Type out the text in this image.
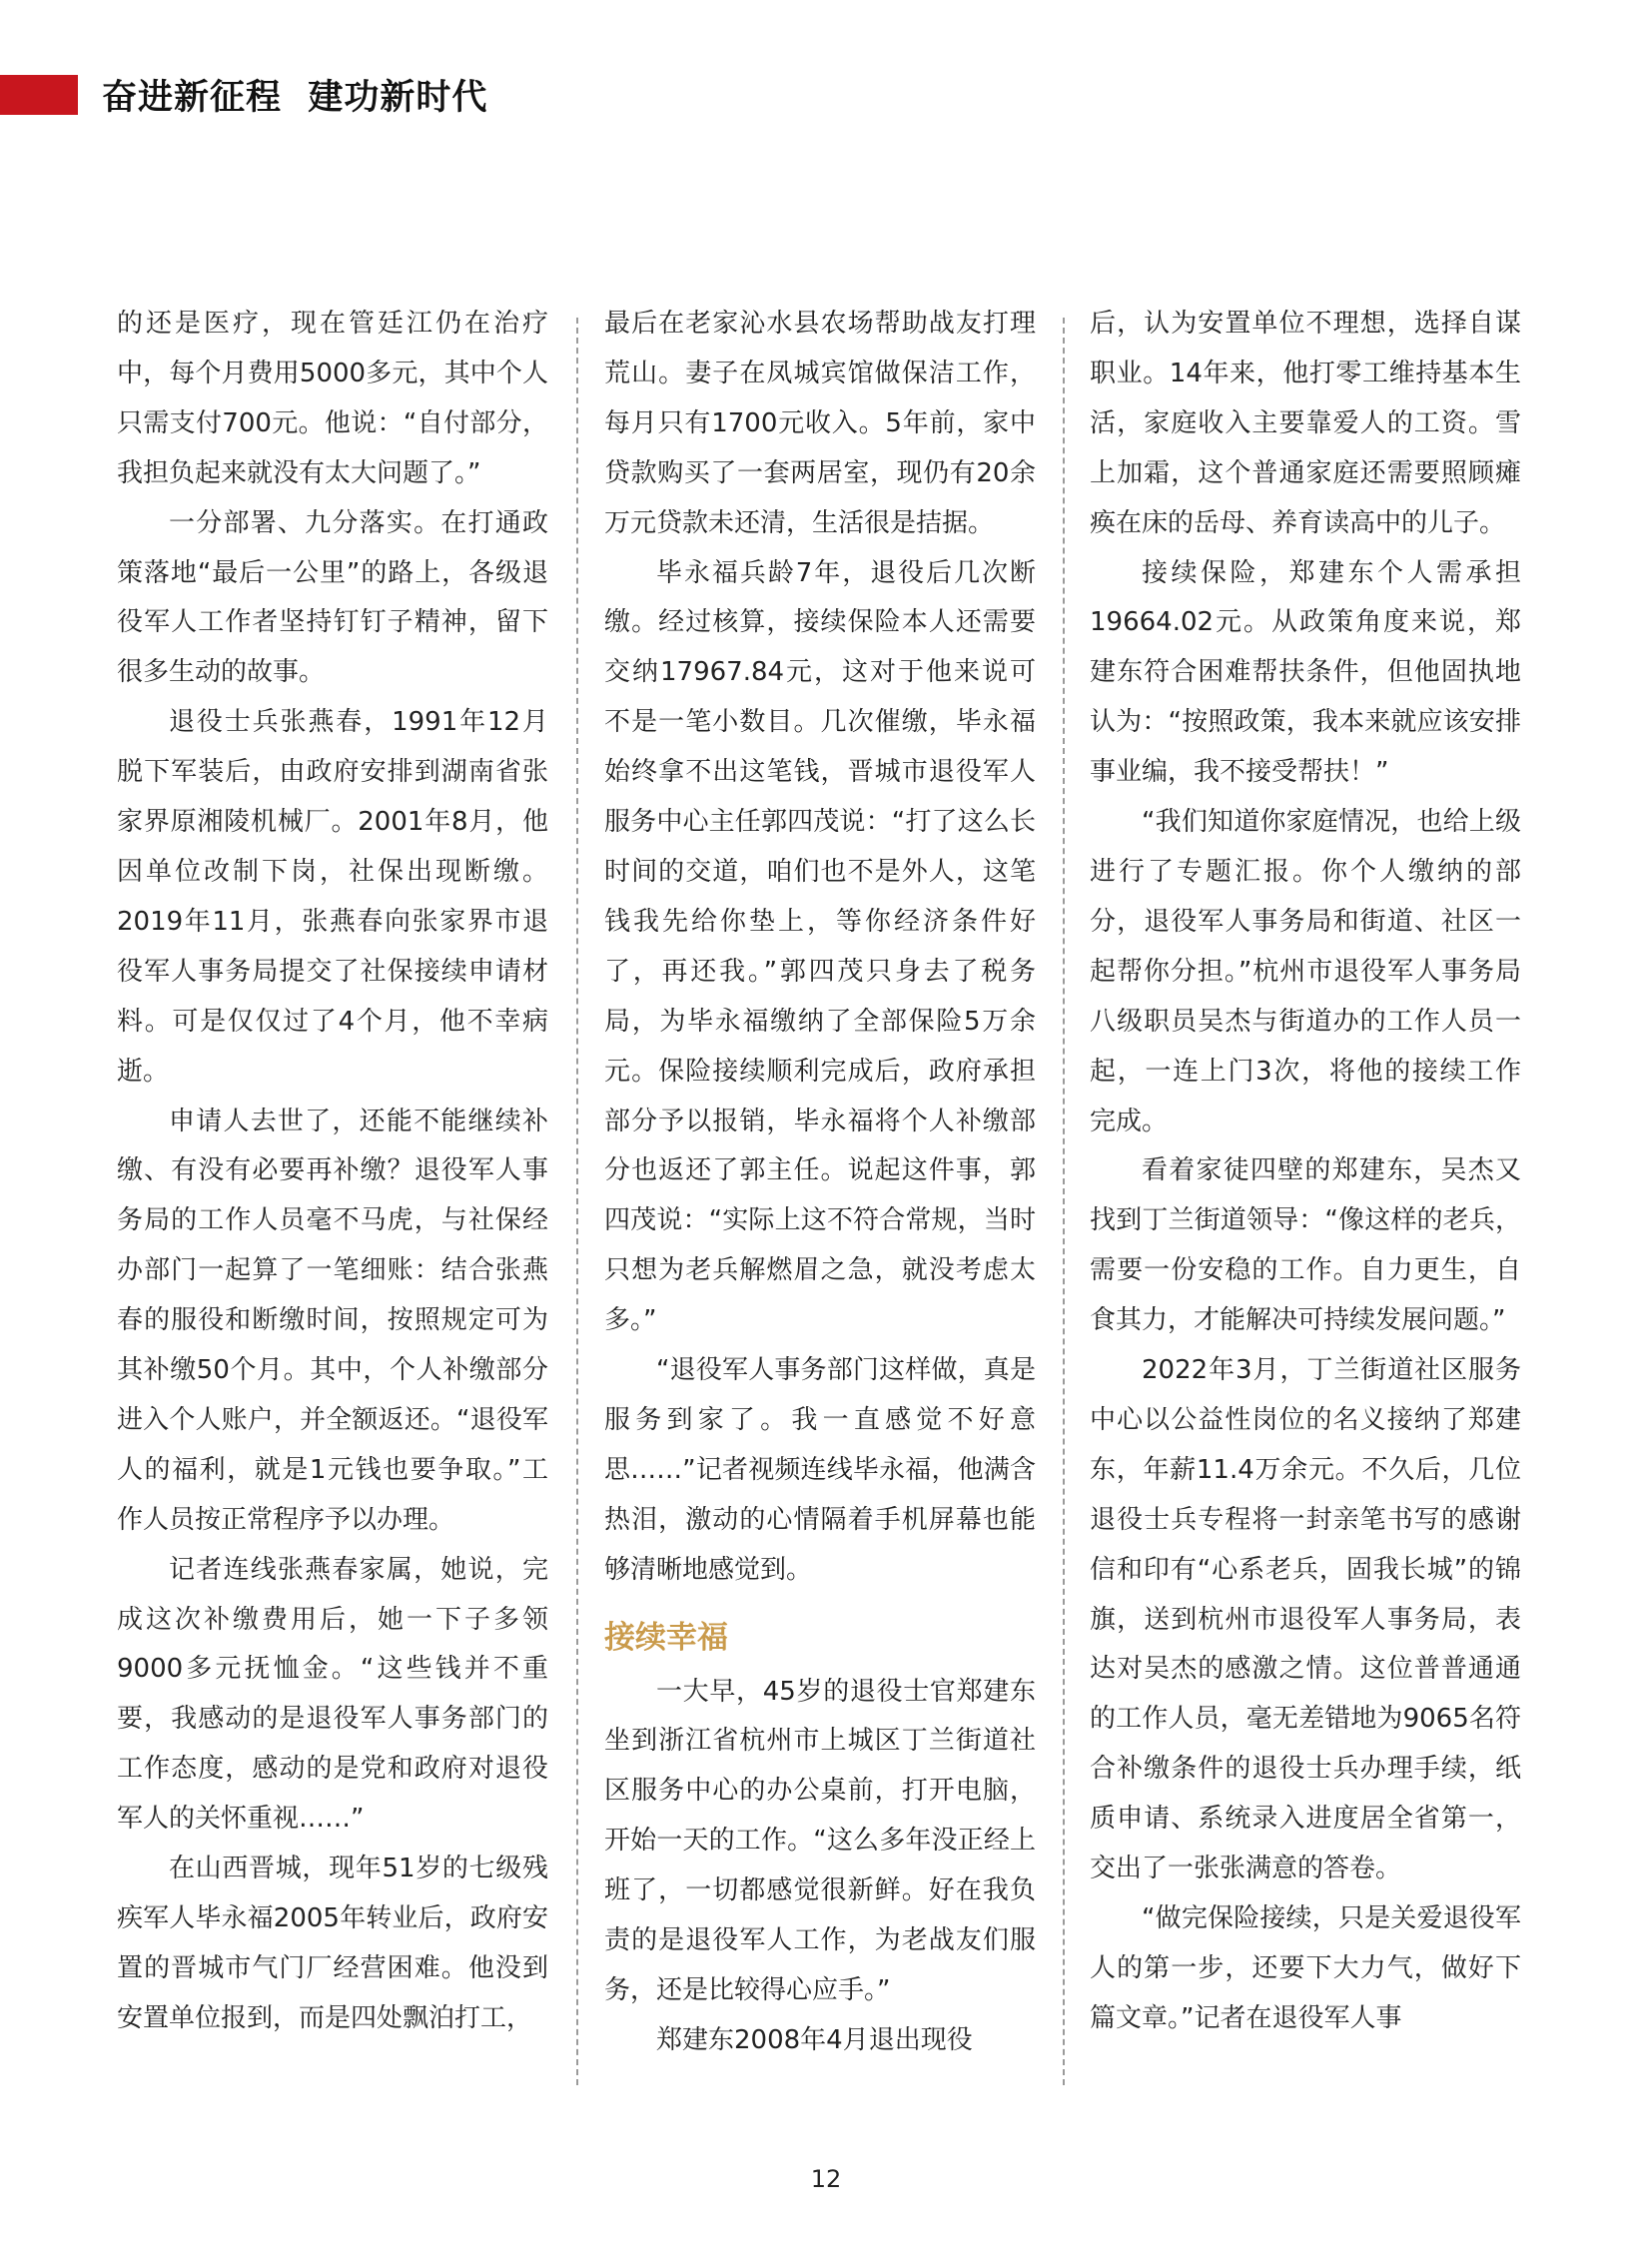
奋进新征程  建功新时代

的还是医疗，现在管廷江仍在治疗中，每个月费用5000多元，其中个人只需支付700元。他说：“自付部分，我担负起来就没有太大问题了。”

一分部署、九分落实。在打通政策落地“最后一公里”的路上，各级退役军人工作者坚持钉钉子精神，留下很多生动的故事。

退役士兵张燕春，1991年12月脱下军装后，由政府安排到湖南省张家界原湘陵机械厂。2001年8月，他因单位改制下岗，社保出现断缴。2019年11月，张燕春向张家界市退役军人事务局提交了社保接续申请材料。可是仅仅过了4个月，他不幸病逝。

申请人去世了，还能不能继续补缴、有没有必要再补缴？退役军人事务局的工作人员毫不马虎，与社保经办部门一起算了一笔细账：结合张燕春的服役和断缴时间，按照规定可为其补缴50个月。其中，个人补缴部分进入个人账户，并全额返还。“退役军人的福利，就是1元钱也要争取。”工作人员按正常程序予以办理。

记者连线张燕春家属，她说，完成这次补缴费用后，她一下子多领9000多元抚恤金。“这些钱并不重要，我感动的是退役军人事务部门的工作态度，感动的是党和政府对退役军人的关怀重视……”

在山西晋城，现年51岁的七级残疾军人毕永福2005年转业后，政府安置的晋城市气门厂经营困难。他没到安置单位报到，而是四处飘泊打工，

最后在老家沁水县农场帮助战友打理荒山。妻子在凤城宾馆做保洁工作，每月只有1700元收入。5年前，家中贷款购买了一套两居室，现仍有20余万元贷款未还清，生活很是拮据。

毕永福兵龄7年，退役后几次断缴。经过核算，接续保险本人还需要交纳17967.84元，这对于他来说可不是一笔小数目。几次催缴，毕永福始终拿不出这笔钱，晋城市退役军人服务中心主任郭四茂说：“打了这么长时间的交道，咱们也不是外人，这笔钱我先给你垫上，等你经济条件好了，再还我。”郭四茂只身去了税务局，为毕永福缴纳了全部保险5万余元。保险接续顺利完成后，政府承担部分予以报销，毕永福将个人补缴部分也返还了郭主任。说起这件事，郭四茂说：“实际上这不符合常规，当时只想为老兵解燃眉之急，就没考虑太多。”

“退役军人事务部门这样做，真是服务到家了。我一直感觉不好意思……”记者视频连线毕永福，他满含热泪，激动的心情隔着手机屏幕也能够清晰地感觉到。

接续幸福

一大早，45岁的退役士官郑建东坐到浙江省杭州市上城区丁兰街道社区服务中心的办公桌前，打开电脑，开始一天的工作。“这么多年没正经上班了，一切都感觉很新鲜。好在我负责的是退役军人工作，为老战友们服务，还是比较得心应手。”

郑建东2008年4月退出现役

后，认为安置单位不理想，选择自谋职业。14年来，他打零工维持基本生活，家庭收入主要靠爱人的工资。雪上加霜，这个普通家庭还需要照顾瘫痪在床的岳母、养育读高中的儿子。

接续保险，郑建东个人需承担19664.02元。从政策角度来说，郑建东符合困难帮扶条件，但他固执地认为：“按照政策，我本来就应该安排事业编，我不接受帮扶！”

“我们知道你家庭情况，也给上级进行了专题汇报。你个人缴纳的部分，退役军人事务局和街道、社区一起帮你分担。”杭州市退役军人事务局八级职员吴杰与街道办的工作人员一起，一连上门3次，将他的接续工作完成。

看着家徒四壁的郑建东，吴杰又找到丁兰街道领导：“像这样的老兵，需要一份安稳的工作。自力更生，自食其力，才能解决可持续发展问题。”

2022年3月，丁兰街道社区服务中心以公益性岗位的名义接纳了郑建东，年薪11.4万余元。不久后，几位退役士兵专程将一封亲笔书写的感谢信和印有“心系老兵，固我长城”的锦旗，送到杭州市退役军人事务局，表达对吴杰的感激之情。这位普普通通的工作人员，毫无差错地为9065名符合补缴条件的退役士兵办理手续，纸质申请、系统录入进度居全省第一，交出了一张张满意的答卷。

“做完保险接续，只是关爱退役军人的第一步，还要下大力气，做好下篇文章。”记者在退役军人事

12
